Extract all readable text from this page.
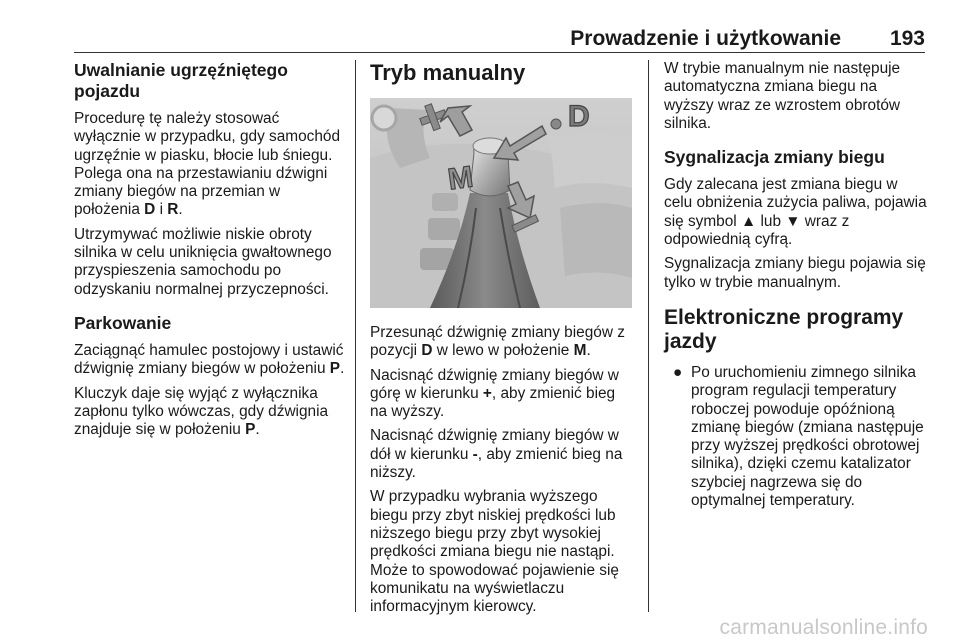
Prowadzenie i użytkowanie 193
Uwalnianie ugrzęźniętego pojazdu

Procedurę tę należy stosować wyłącznie w przypadku, gdy samochód ugrzęźnie w piasku, błocie lub śniegu. Polega ona na przestawianiu dźwigni zmiany biegów na przemian w położenia D i R.

Utrzymywać możliwie niskie obroty silnika w celu uniknięcia gwałtownego przyspieszenia samochodu po odzyskaniu normalnej przyczepności.

Parkowanie

Zaciągnąć hamulec postojowy i ustawić dźwignię zmiany biegów w położeniu P.

Kluczyk daje się wyjąć z wyłącznika zapłonu tylko wówczas, gdy dźwignia znajduje się w położeniu P.

Tryb manualny
D
M

Przesunąć dźwignię zmiany biegów z pozycji D w lewo w położenie M.

Nacisnąć dźwignię zmiany biegów w górę w kierunku +, aby zmienić bieg na wyższy.

Nacisnąć dźwignię zmiany biegów w dół w kierunku -, aby zmienić bieg na niższy.

W przypadku wybrania wyższego biegu przy zbyt niskiej prędkości lub niższego biegu przy zbyt wysokiej prędkości zmiana biegu nie nastąpi. Może to spowodować pojawienie się komunikatu na wyświetlaczu informacyjnym kierowcy.

W trybie manualnym nie następuje automatyczna zmiana biegu na wyższy wraz ze wzrostem obrotów silnika.

Sygnalizacja zmiany biegu

Gdy zalecana jest zmiana biegu w celu obniżenia zużycia paliwa, pojawia się symbol ▲ lub ▼ wraz z odpowiednią cyfrą.

Sygnalizacja zmiany biegu pojawia się tylko w trybie manualnym.

Elektroniczne programy jazdy
● Po uruchomieniu zimnego silnika program regulacji temperatury roboczej powoduje opóźnioną zmianę biegów (zmiana następuje przy wyższej prędkości obrotowej silnika), dzięki czemu katalizator szybciej nagrzewa się do optymalnej temperatury.
carmanualsonline.info
